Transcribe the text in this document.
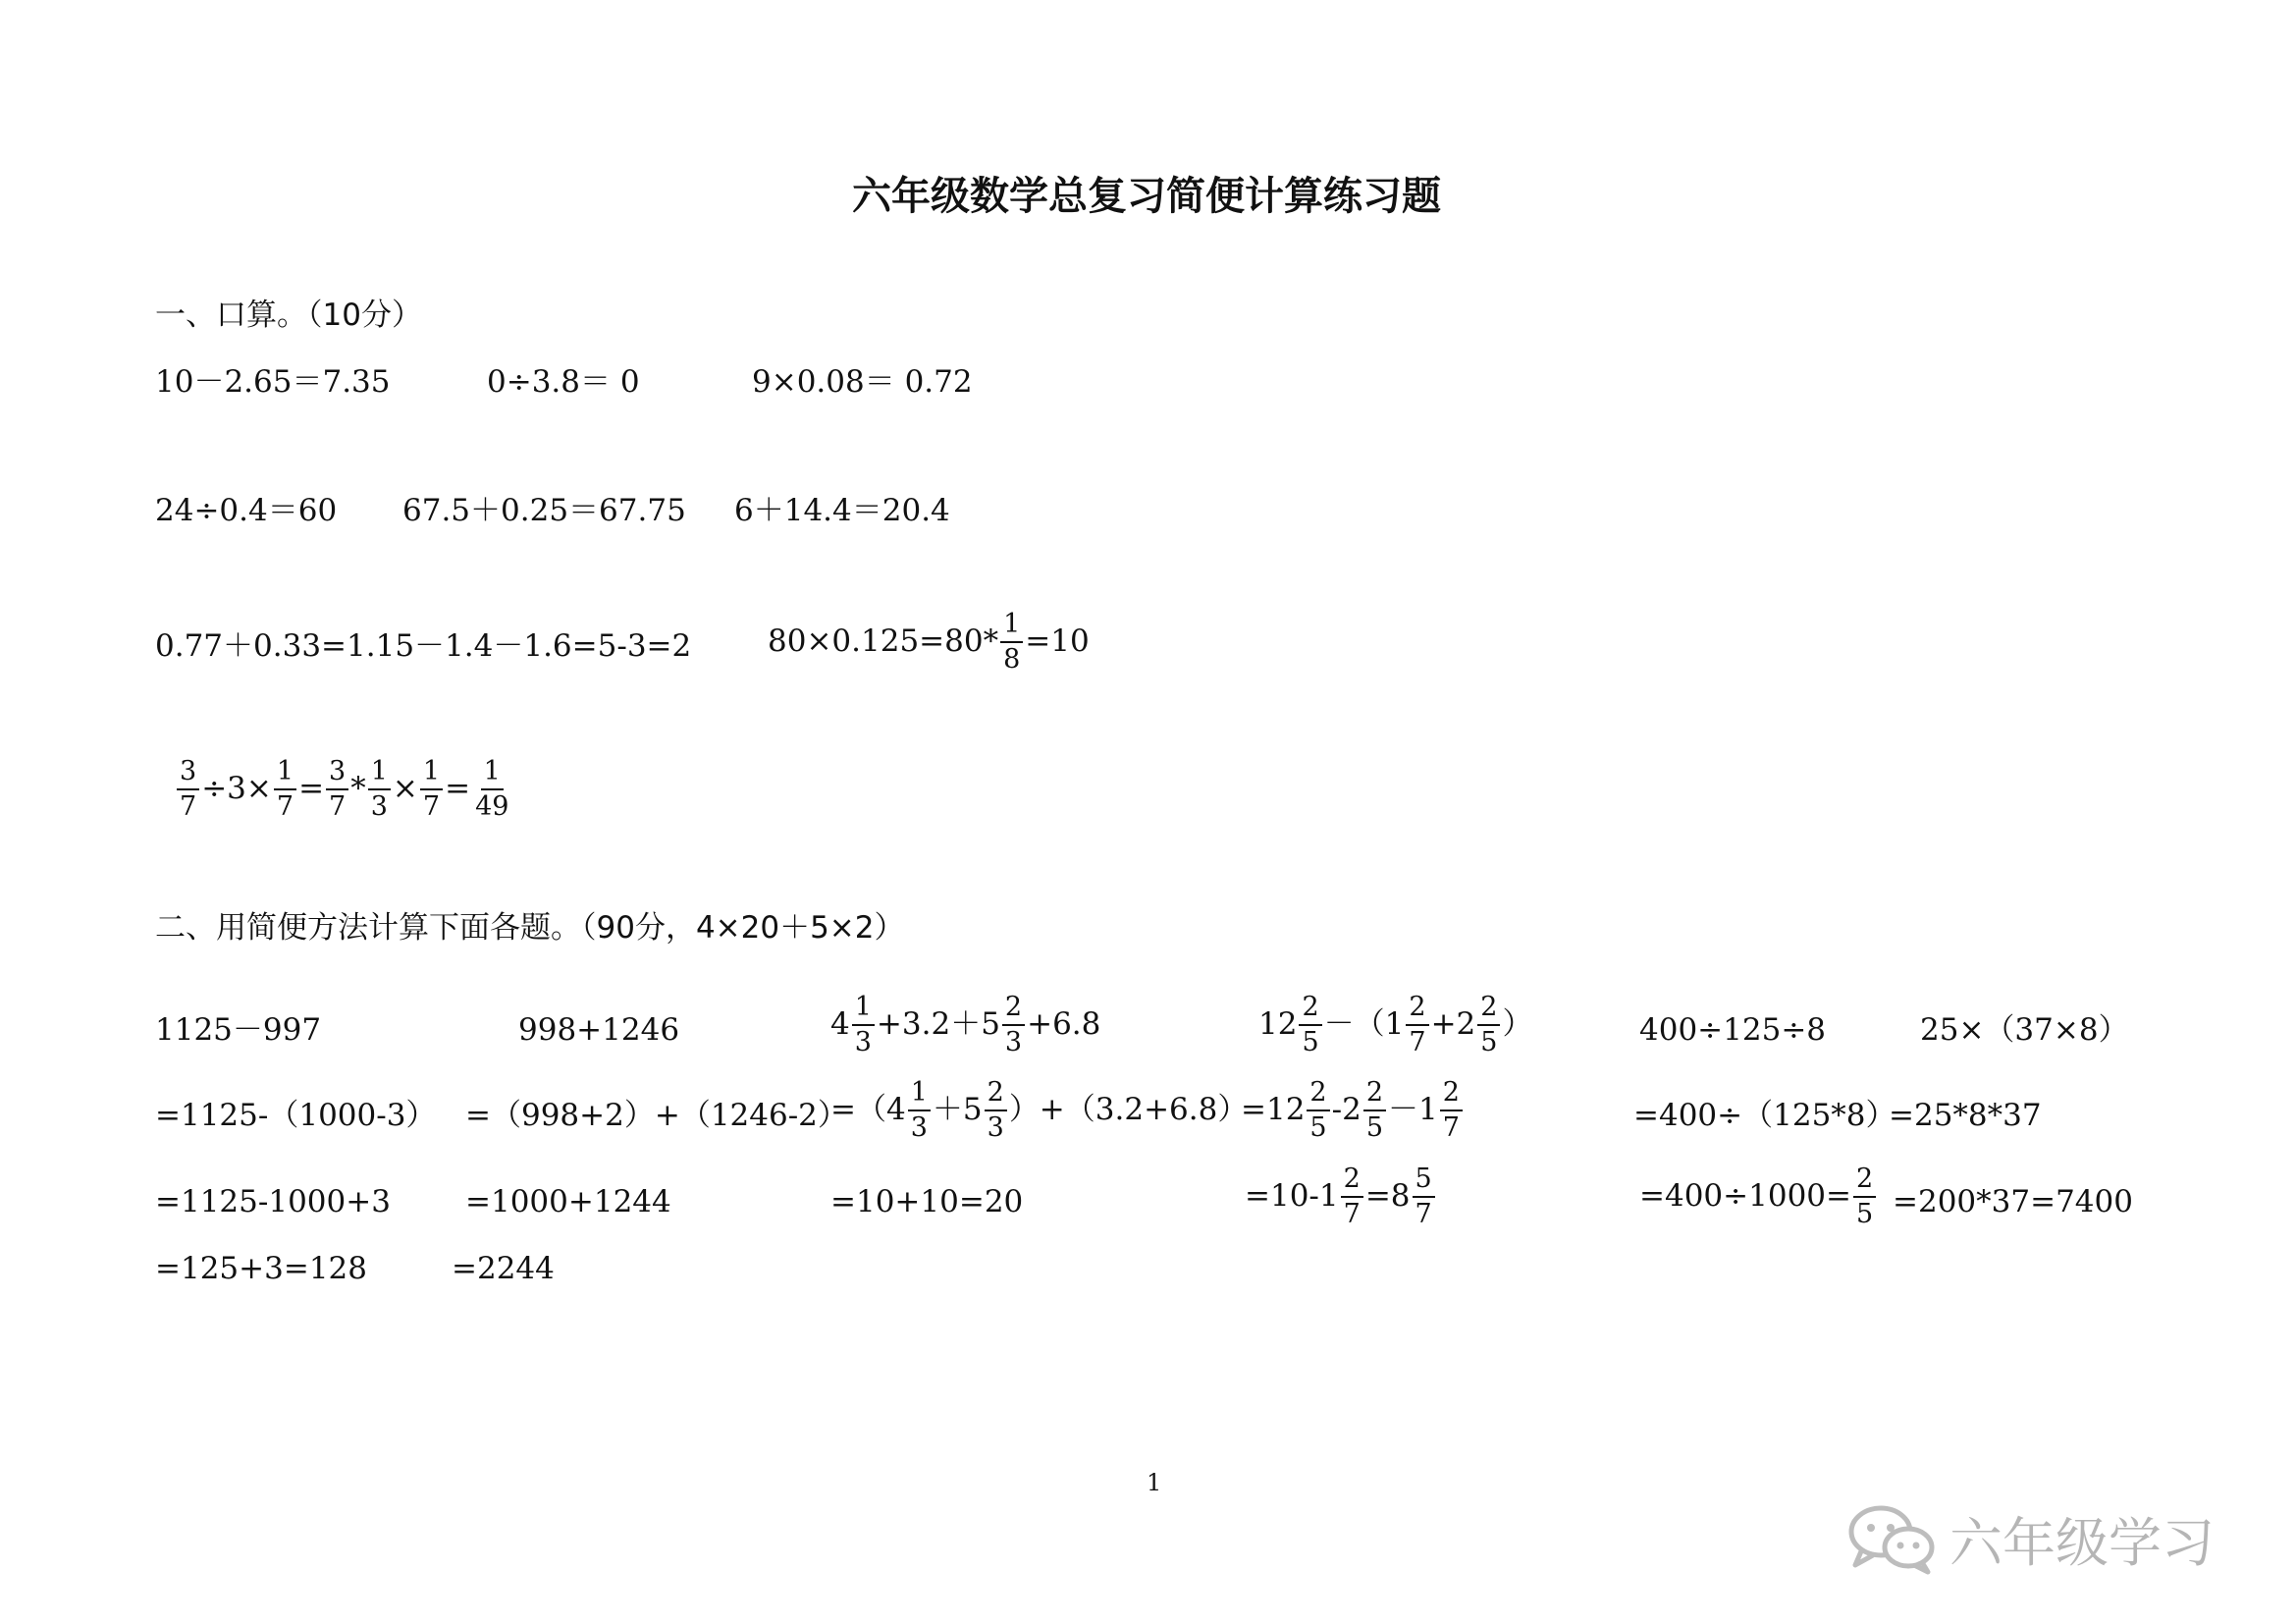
六年级数学总复习简便计算练习题
一、口算。（10分）
10－2.65＝7.35	0÷3.8＝ 0	9×0.08＝ 0.72
24÷0.4＝60 67.5＋0.25＝67.75 6＋14.4＝20.4
0.77＋0.33=1.15－1.4－1.6=5-3=2	$80\times 0.125=80* \frac{1}{8} =10$
$\frac{3}{7} \div 3\times \frac{1}{7} = \frac{3}{7} * \frac{1}{3} \times \frac{1}{7} = \frac{1}{49}$
二、用简便方法计算下面各题。（90分，4×20＋5×2）
1125－997
=1125-（1000-3）
=1125-1000+3
=125+3=128
998+1246
=（998+2）+（1246-2）
=1000+1244
=2244
$4 \frac{1}{3} +3.2+5 \frac{2}{3} +6.8$
$=(4 \frac{1}{3} +5 \frac{2}{3} )+(3.2+6.8)$
=10+10=20
$12 \frac{2}{5} -(1 \frac{2}{7} +2 \frac{2}{5}$ ）
$=12 \frac{2}{5} -2 \frac{2}{5} -1 \frac{2}{7}$
$=10-1 \frac{2}{7} =8 \frac{5}{7}$
400÷125÷8
=400÷（125*8）
$=400\div 1000= \frac{2}{5}$
25×（37×8）
=25*8*37
=200*37=7400
1
六年级学习
